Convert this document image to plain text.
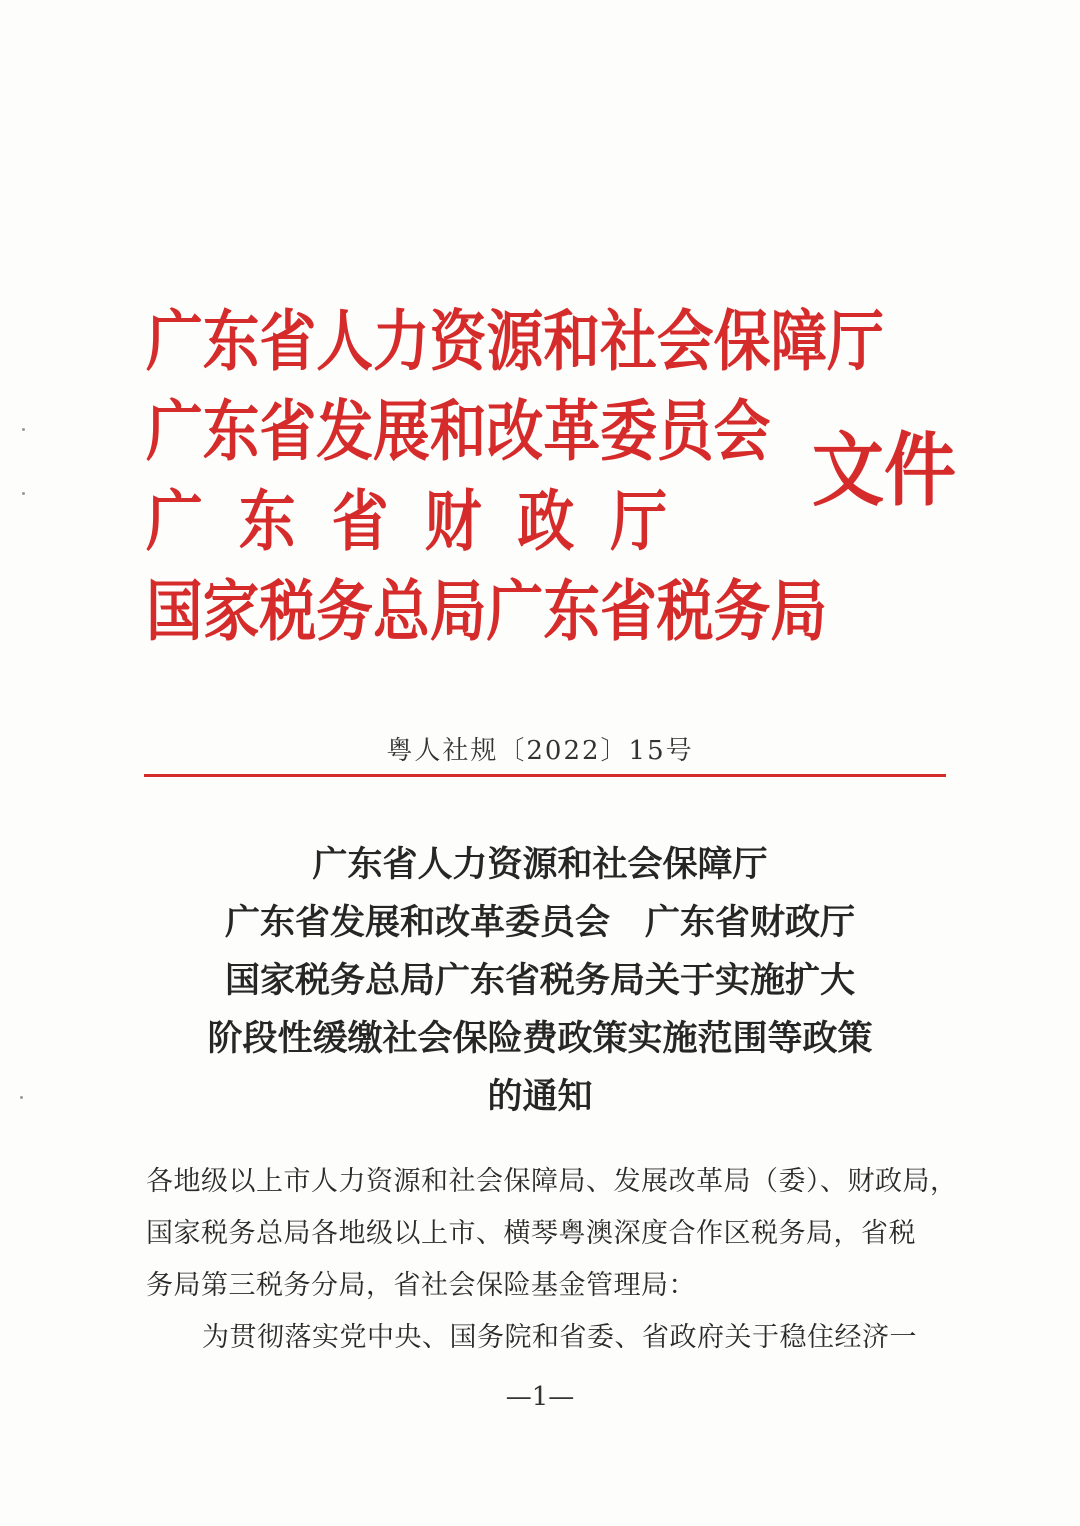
广东省人力资源和社会保障厅
广东省发展和改革委员会
广东省财政厅
国家税务总局广东省税务局
文件
粤人社规〔2022〕15号
广东省人力资源和社会保障厅
广东省发展和改革委员会　广东省财政厅
国家税务总局广东省税务局关于实施扩大
阶段性缓缴社会保险费政策实施范围等政策
的通知
各地级以上市人力资源和社会保障局、发展改革局（委）、财政局，
国家税务总局各地级以上市、横琴粤澳深度合作区税务局，省税
务局第三税务分局，省社会保险基金管理局：
为贯彻落实党中央、国务院和省委、省政府关于稳住经济一
—1—
